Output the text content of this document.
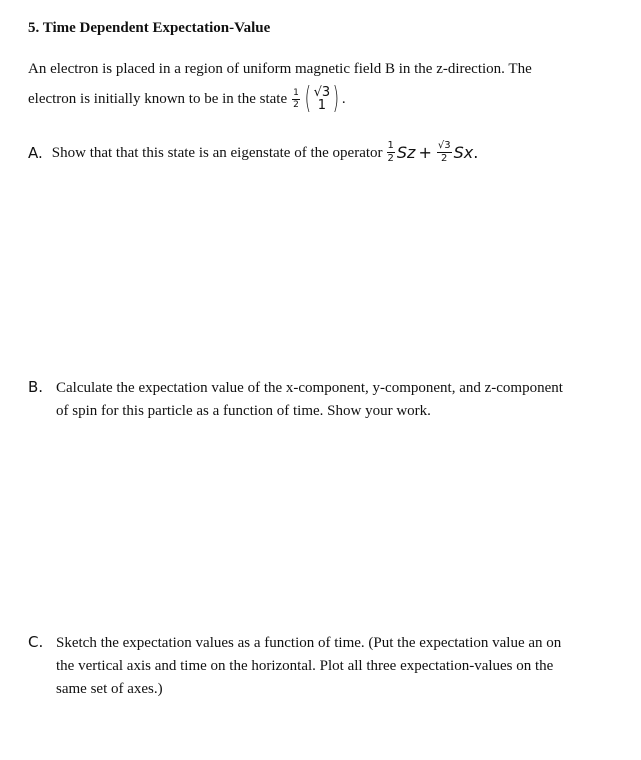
5. Time Dependent Expectation-Value
An electron is placed in a region of uniform magnetic field B in the z-direction. The
electron is initially known to be in the state $\frac{1}{2}$ ( √3
1 ) .
A. Show that that this state is an eigenstate of the operator $\frac{1}{2}$ $Sz + \frac{√3}{2}$ Sx .
B. Calculate the expectation value of the x-component, y-component, and z-component
of spin for this particle as a function of time. Show your work.
C. Sketch the expectation values as a function of time. (Put the expectation value an on
the vertical axis and time on the horizontal. Plot all three expectation-values on the
same set of axes.)
